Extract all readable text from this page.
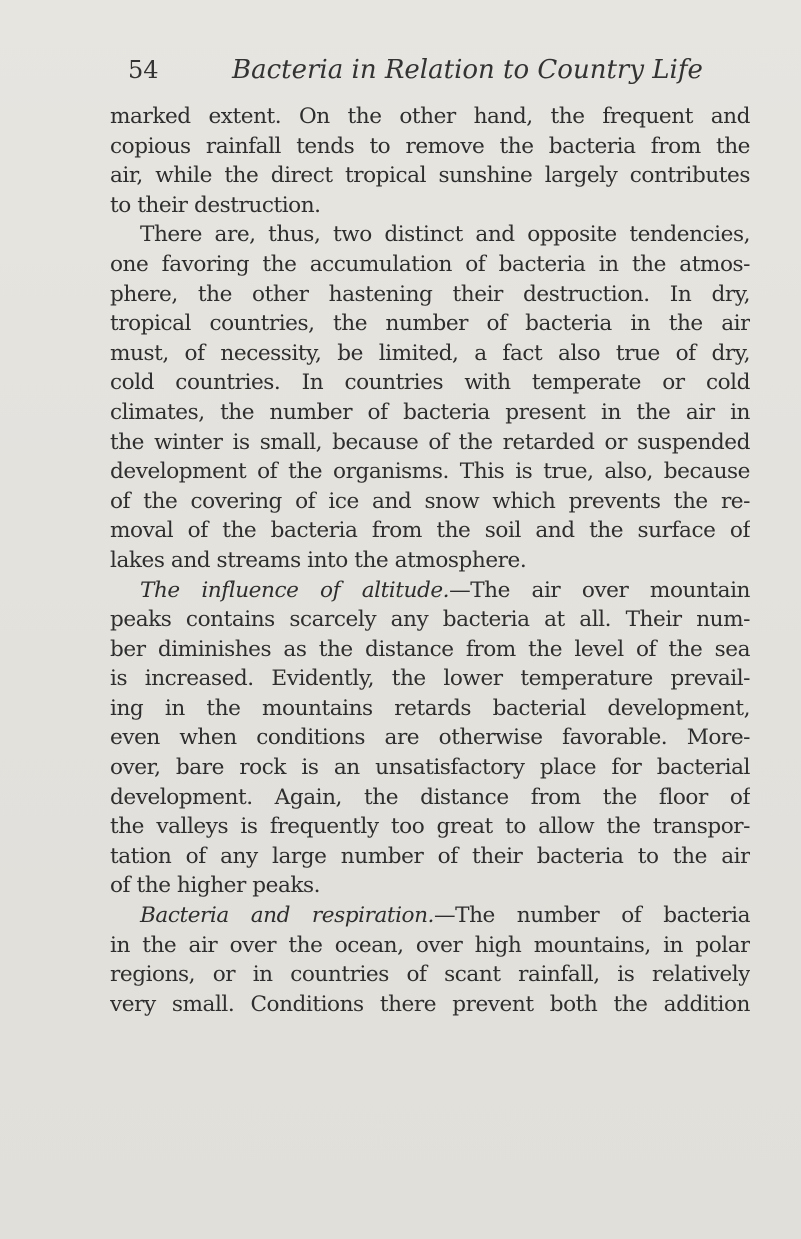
54	Bacteria in Relation to Country Life
marked extent. On the other hand, the frequent and
copious rainfall tends to remove the bacteria from the
air, while the direct tropical sunshine largely contributes
to their destruction.
There are, thus, two distinct and opposite tendencies,
one favoring the accumulation of bacteria in the atmos-
phere, the other hastening their destruction. In dry,
tropical countries, the number of bacteria in the air
must, of necessity, be limited, a fact also true of dry,
cold countries. In countries with temperate or cold
climates, the number of bacteria present in the air in
the winter is small, because of the retarded or suspended
development of the organisms. This is true, also, because
of the covering of ice and snow which prevents the re-
moval of the bacteria from the soil and the surface of
lakes and streams into the atmosphere.
The influence of altitude.—The air over mountain
peaks contains scarcely any bacteria at all. Their num-
ber diminishes as the distance from the level of the sea
is increased. Evidently, the lower temperature prevail-
ing in the mountains retards bacterial development,
even when conditions are otherwise favorable. More-
over, bare rock is an unsatisfactory place for bacterial
development. Again, the distance from the floor of
the valleys is frequently too great to allow the transpor-
tation of any large number of their bacteria to the air
of the higher peaks.
Bacteria and respiration.—The number of bacteria
in the air over the ocean, over high mountains, in polar
regions, or in countries of scant rainfall, is relatively
very small. Conditions there prevent both the addition
